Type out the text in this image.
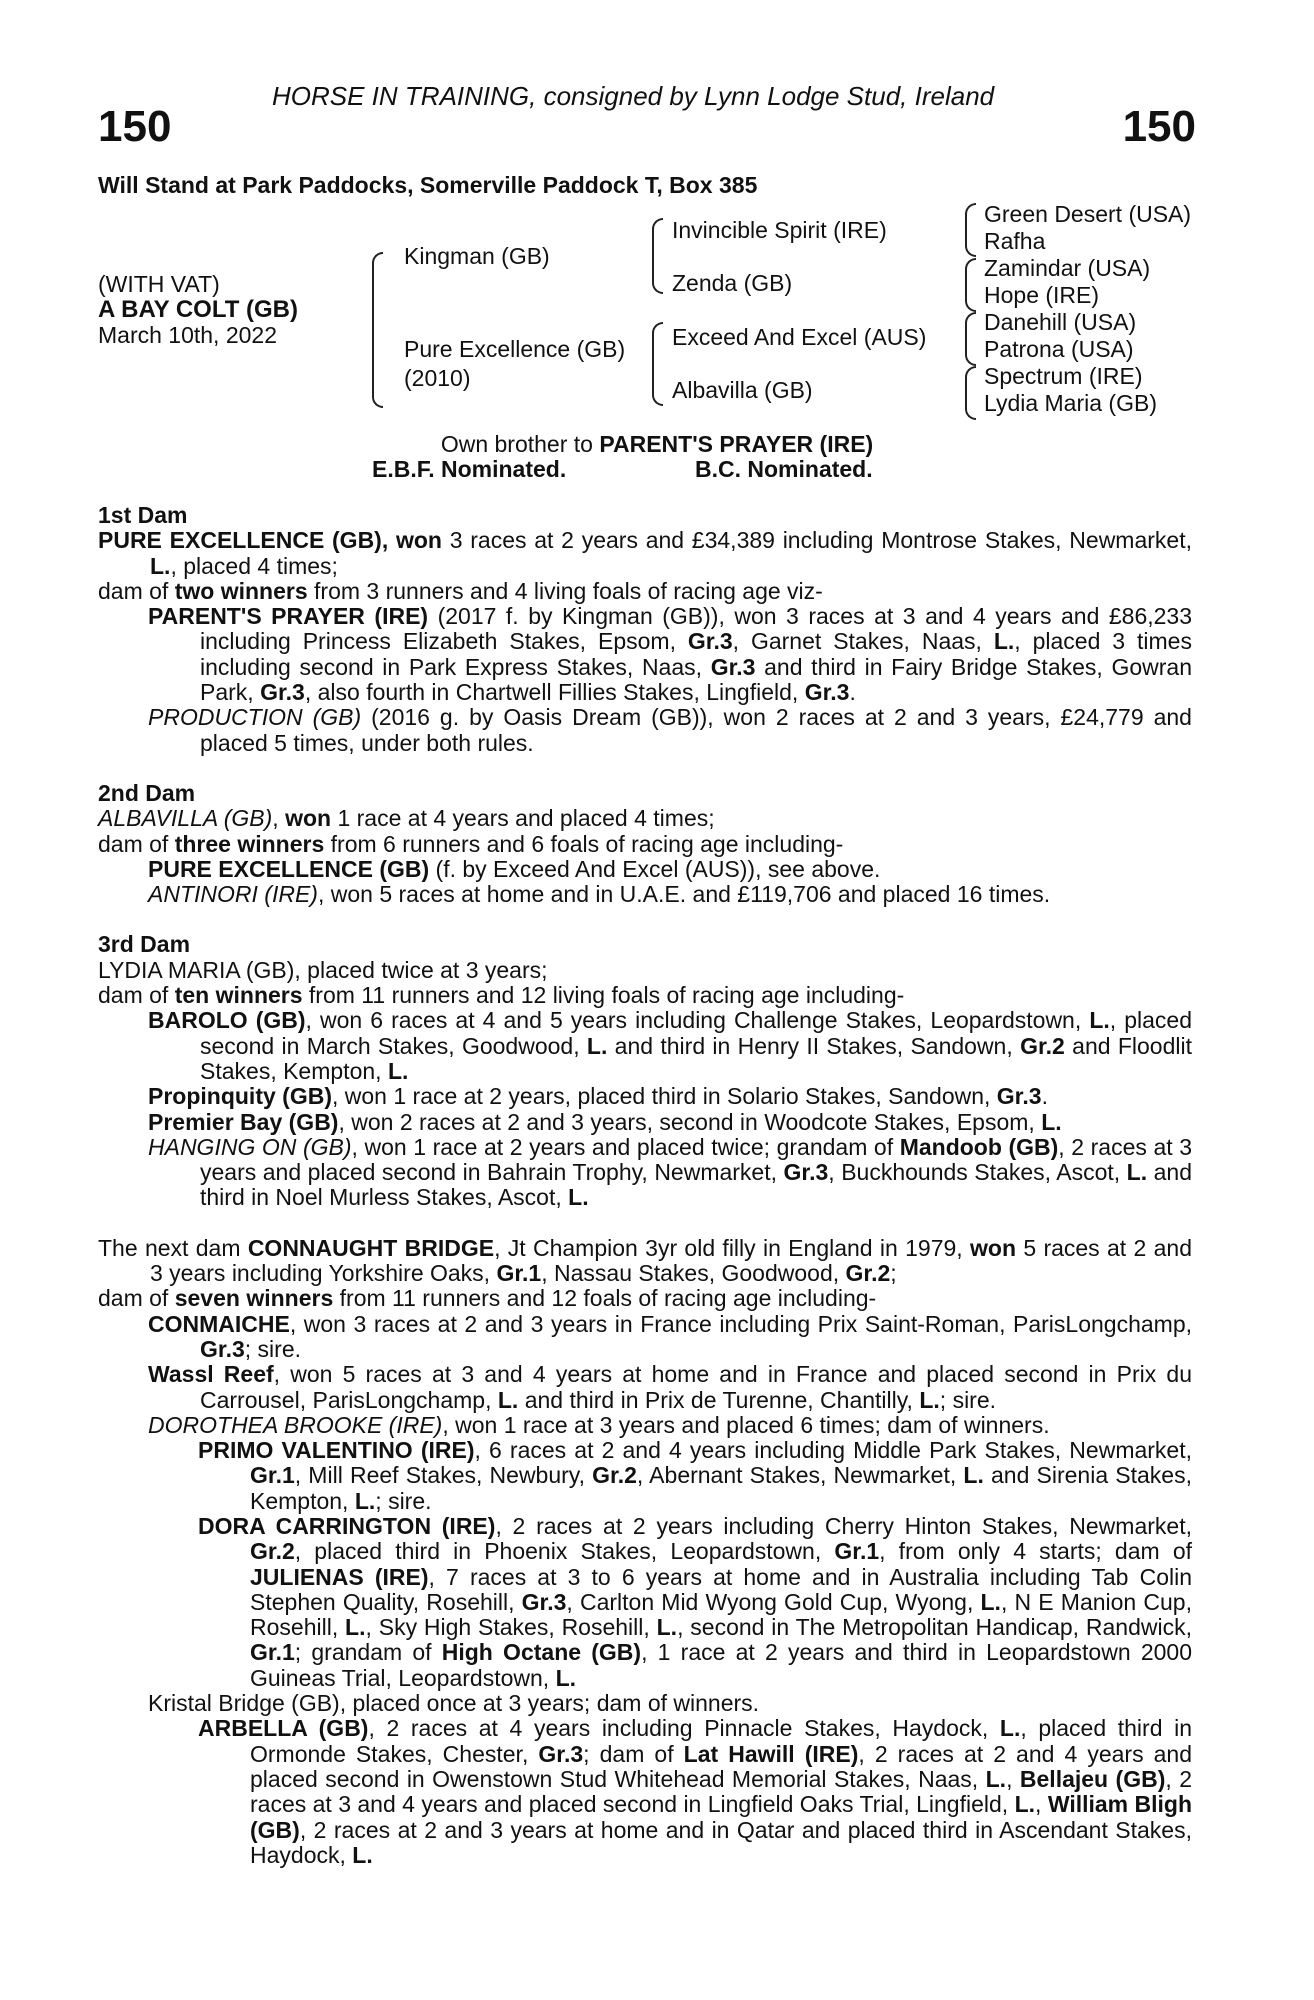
HORSE IN TRAINING, consigned by Lynn Lodge Stud, Ireland
150	150
Will Stand at Park Paddocks, Somerville Paddock T, Box 385
(WITH VAT)
A BAY COLT (GB)
March 10th, 2022
Kingman (GB)
Pure Excellence (GB)
(2010)
Invincible Spirit (IRE)
Zenda (GB)
Exceed And Excel (AUS)
Albavilla (GB)
Green Desert (USA)
Rafha
Zamindar (USA)
Hope (IRE)
Danehill (USA)
Patrona (USA)
Spectrum (IRE)
Lydia Maria (GB)
Own brother to PARENT'S PRAYER (IRE)
E.B.F. Nominated.	B.C. Nominated.
1st Dam

PURE EXCELLENCE (GB), won 3 races at 2 years and £34,389 including Montrose Stakes, Newmarket, L., placed 4 times;

dam of two winners from 3 runners and 4 living foals of racing age viz-

PARENT'S PRAYER (IRE) (2017 f. by Kingman (GB)), won 3 races at 3 and 4 years and £86,233 including Princess Elizabeth Stakes, Epsom, Gr.3, Garnet Stakes, Naas, L., placed 3 times including second in Park Express Stakes, Naas, Gr.3 and third in Fairy Bridge Stakes, Gowran Park, Gr.3, also fourth in Chartwell Fillies Stakes, Lingfield, Gr.3.

PRODUCTION (GB) (2016 g. by Oasis Dream (GB)), won 2 races at 2 and 3 years, £24,779 and placed 5 times, under both rules.

2nd Dam

ALBAVILLA (GB), won 1 race at 4 years and placed 4 times;

dam of three winners from 6 runners and 6 foals of racing age including-

PURE EXCELLENCE (GB) (f. by Exceed And Excel (AUS)), see above.

ANTINORI (IRE), won 5 races at home and in U.A.E. and £119,706 and placed 16 times.

3rd Dam

LYDIA MARIA (GB), placed twice at 3 years;

dam of ten winners from 11 runners and 12 living foals of racing age including-

BAROLO (GB), won 6 races at 4 and 5 years including Challenge Stakes, Leopardstown, L., placed second in March Stakes, Goodwood, L. and third in Henry II Stakes, Sandown, Gr.2 and Floodlit Stakes, Kempton, L.

Propinquity (GB), won 1 race at 2 years, placed third in Solario Stakes, Sandown, Gr.3.

Premier Bay (GB), won 2 races at 2 and 3 years, second in Woodcote Stakes, Epsom, L.

HANGING ON (GB), won 1 race at 2 years and placed twice; grandam of Mandoob (GB), 2 races at 3 years and placed second in Bahrain Trophy, Newmarket, Gr.3, Buckhounds Stakes, Ascot, L. and third in Noel Murless Stakes, Ascot, L.

The next dam CONNAUGHT BRIDGE, Jt Champion 3yr old filly in England in 1979, won 5 races at 2 and 3 years including Yorkshire Oaks, Gr.1, Nassau Stakes, Goodwood, Gr.2;

dam of seven winners from 11 runners and 12 foals of racing age including-

CONMAICHE, won 3 races at 2 and 3 years in France including Prix Saint-Roman, ParisLongchamp, Gr.3; sire.

Wassl Reef, won 5 races at 3 and 4 years at home and in France and placed second in Prix du Carrousel, ParisLongchamp, L. and third in Prix de Turenne, Chantilly, L.; sire.

DOROTHEA BROOKE (IRE), won 1 race at 3 years and placed 6 times; dam of winners.

PRIMO VALENTINO (IRE), 6 races at 2 and 4 years including Middle Park Stakes, Newmarket, Gr.1, Mill Reef Stakes, Newbury, Gr.2, Abernant Stakes, Newmarket, L. and Sirenia Stakes, Kempton, L.; sire.

DORA CARRINGTON (IRE), 2 races at 2 years including Cherry Hinton Stakes, Newmarket, Gr.2, placed third in Phoenix Stakes, Leopardstown, Gr.1, from only 4 starts; dam of JULIENAS (IRE), 7 races at 3 to 6 years at home and in Australia including Tab Colin Stephen Quality, Rosehill, Gr.3, Carlton Mid Wyong Gold Cup, Wyong, L., N E Manion Cup, Rosehill, L., Sky High Stakes, Rosehill, L., second in The Metropolitan Handicap, Randwick, Gr.1; grandam of High Octane (GB), 1 race at 2 years and third in Leopardstown 2000 Guineas Trial, Leopardstown, L.

Kristal Bridge (GB), placed once at 3 years; dam of winners.

ARBELLA (GB), 2 races at 4 years including Pinnacle Stakes, Haydock, L., placed third in Ormonde Stakes, Chester, Gr.3; dam of Lat Hawill (IRE), 2 races at 2 and 4 years and placed second in Owenstown Stud Whitehead Memorial Stakes, Naas, L., Bellajeu (GB), 2 races at 3 and 4 years and placed second in Lingfield Oaks Trial, Lingfield, L., William Bligh (GB), 2 races at 2 and 3 years at home and in Qatar and placed third in Ascendant Stakes, Haydock, L.
